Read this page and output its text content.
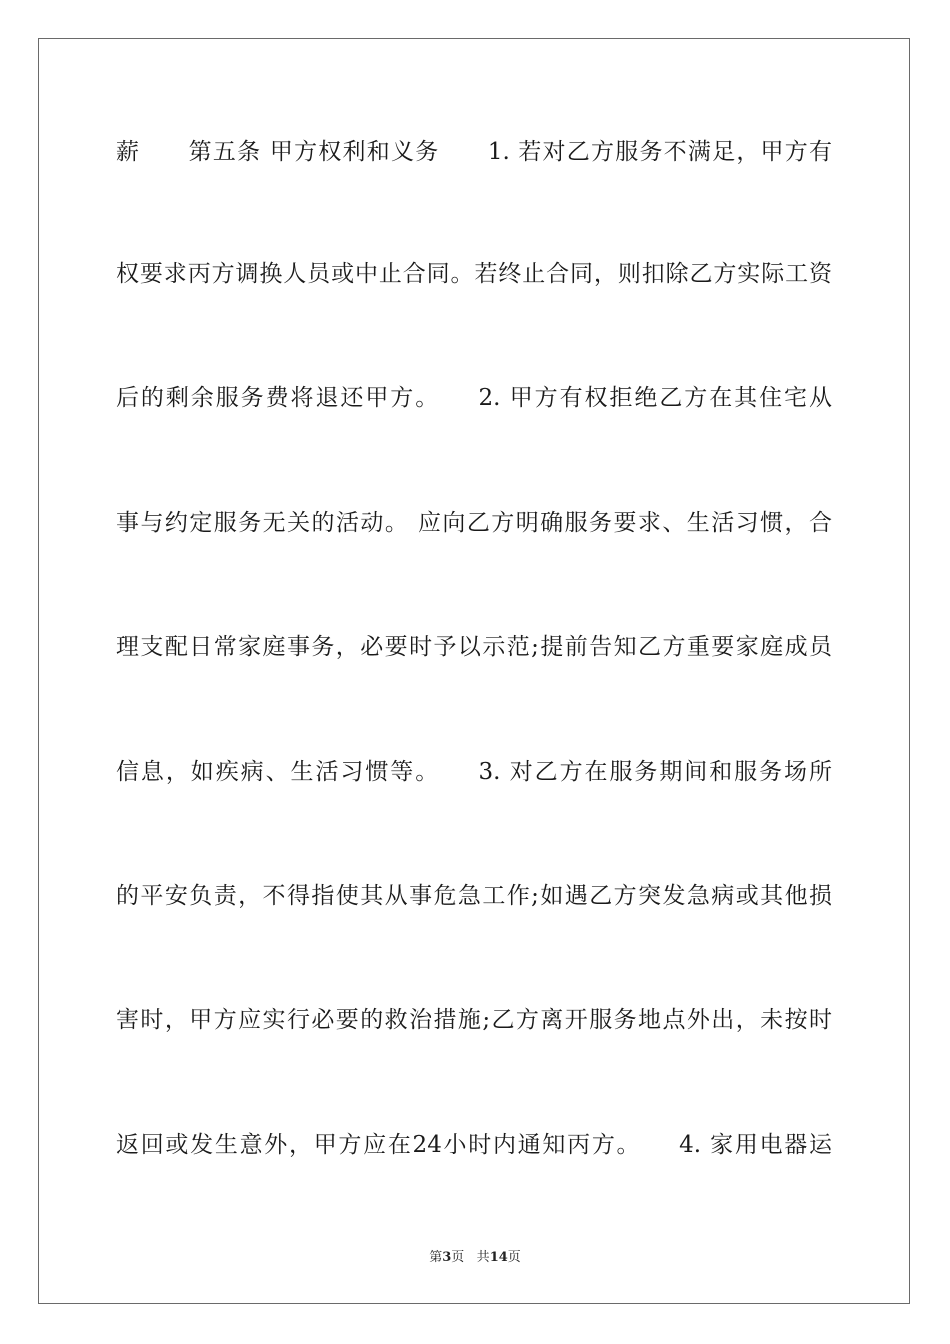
薪　　第五条 甲方权利和义务　　1. 若对乙方服务不满足，甲方有
权要求丙方调换人员或中止合同。若终止合同，则扣除乙方实际工资
后的剩余服务费将退还甲方。　　2. 甲方有权拒绝乙方在其住宅从
事与约定服务无关的活动。 应向乙方明确服务要求、生活习惯，合
理支配日常家庭事务，必要时予以示范;提前告知乙方重要家庭成员
信息，如疾病、生活习惯等。　　3. 对乙方在服务期间和服务场所
的平安负责，不得指使其从事危急工作;如遇乙方突发急病或其他损
害时，甲方应实行必要的救治措施;乙方离开服务地点外出，未按时
返回或发生意外，甲方应在24小时内通知丙方。　　4. 家用电器运
第3页 共14页
